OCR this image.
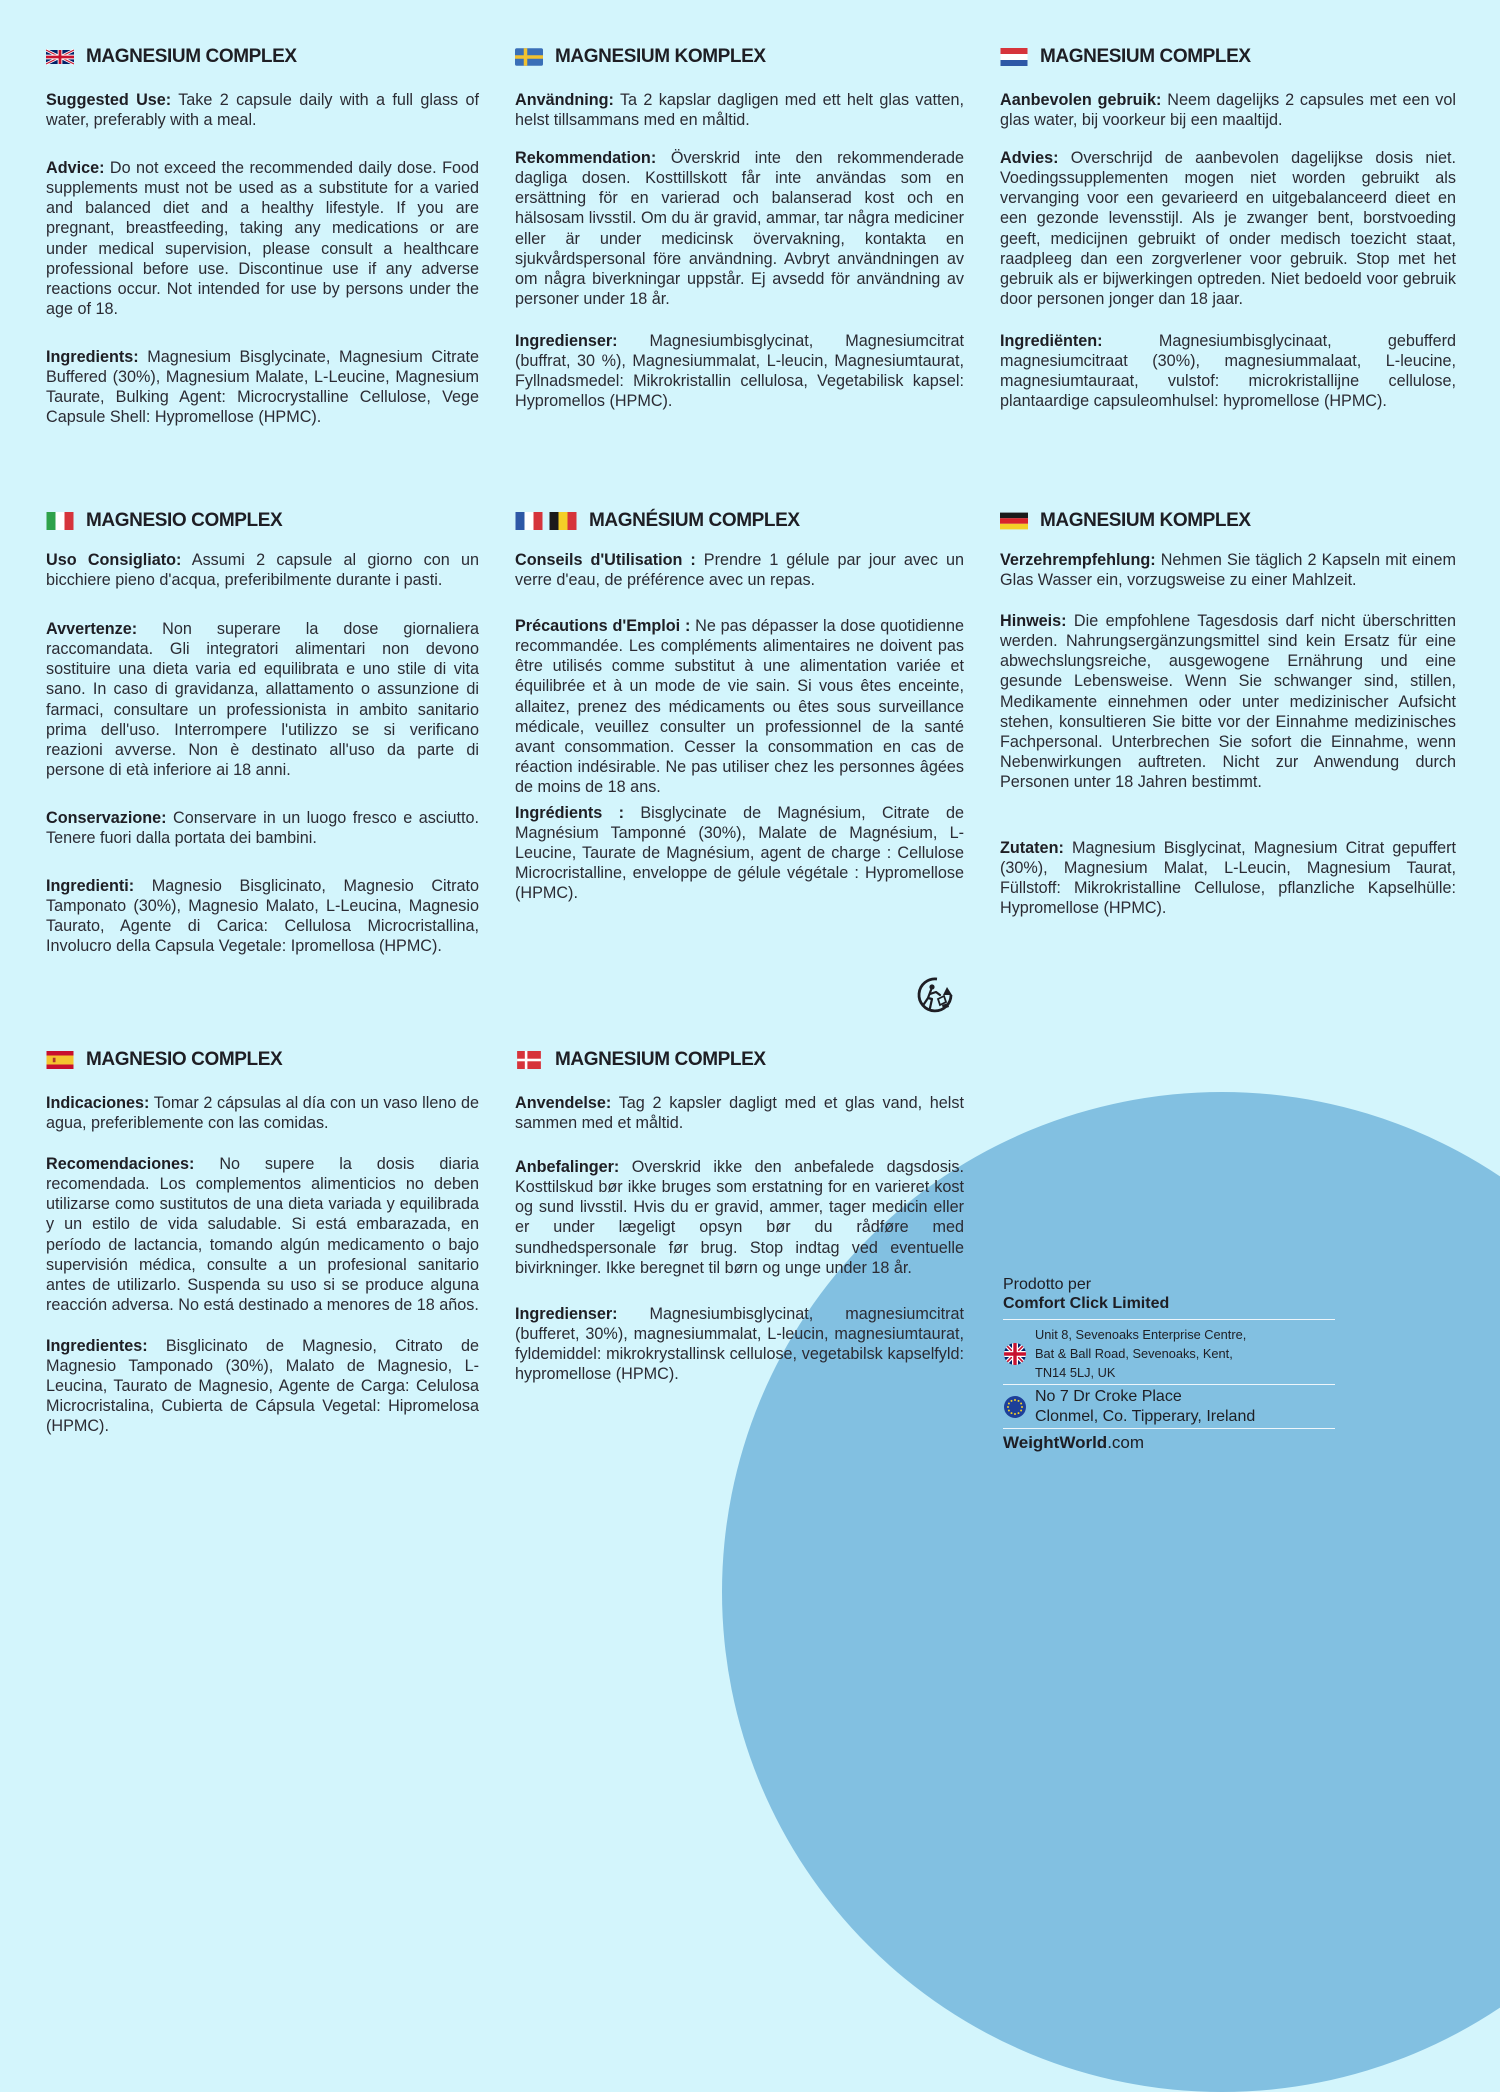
MAGNESIUM COMPLEX

Suggested Use: Take 2 capsule daily with a full glass of water, preferably with a meal.

Advice: Do not exceed the recommended daily dose. Food supplements must not be used as a substitute for a varied and balanced diet and a healthy lifestyle. If you are pregnant, breastfeeding, taking any medications or are under medical supervision, please consult a healthcare professional before use. Discontinue use if any adverse reactions occur. Not intended for use by persons under the age of 18.

Ingredients: Magnesium Bisglycinate, Magnesium Citrate Buffered (30%), Magnesium Malate, L-Leucine, Magnesium Taurate, Bulking Agent: Microcrystalline Cellulose, Vege Capsule Shell: Hypromellose (HPMC).

MAGNESIUM KOMPLEX

Användning: Ta 2 kapslar dagligen med ett helt glas vatten, helst tillsammans med en måltid.

Rekommendation: Överskrid inte den rekommenderade dagliga dosen. Kosttillskott får inte användas som en ersättning för en varierad och balanserad kost och en hälsosam livsstil. Om du är gravid, ammar, tar några mediciner eller är under medicinsk övervakning, kontakta en sjukvårdspersonal före användning. Avbryt användningen av om några biverkningar uppstår. Ej avsedd för användning av personer under 18 år.

Ingredienser: Magnesiumbisglycinat, Magnesiumcitrat (buffrat, 30 %), Magnesiummalat, L-leucin, Magnesiumtaurat, Fyllnadsmedel: Mikrokristallin cellulosa, Vegetabilisk kapsel: Hypromellos (HPMC).

MAGNESIUM COMPLEX

Aanbevolen gebruik: Neem dagelijks 2 capsules met een vol glas water, bij voorkeur bij een maaltijd.

Advies: Overschrijd de aanbevolen dagelijkse dosis niet. Voedingssupplementen mogen niet worden gebruikt als vervanging voor een gevarieerd en uitgebalanceerd dieet en een gezonde levensstijl. Als je zwanger bent, borstvoeding geeft, medicijnen gebruikt of onder medisch toezicht staat, raadpleeg dan een zorgverlener voor gebruik. Stop met het gebruik als er bijwerkingen optreden. Niet bedoeld voor gebruik door personen jonger dan 18 jaar.

Ingrediënten: Magnesiumbisglycinaat, gebufferd magnesiumcitraat (30%), magnesiummalaat, L-leucine, magnesiumtauraat, vulstof: microkristallijne cellulose, plantaardige capsuleomhulsel: hypromellose (HPMC).

MAGNESIO COMPLEX

Uso Consigliato: Assumi 2 capsule al giorno con un bicchiere pieno d'acqua, preferibilmente durante i pasti.

Avvertenze: Non superare la dose giornaliera raccomandata. Gli integratori alimentari non devono sostituire una dieta varia ed equilibrata e uno stile di vita sano. In caso di gravidanza, allattamento o assunzione di farmaci, consultare un professionista in ambito sanitario prima dell'uso. Interrompere l'utilizzo se si verificano reazioni avverse. Non è destinato all'uso da parte di persone di età inferiore ai 18 anni.

Conservazione: Conservare in un luogo fresco e asciutto. Tenere fuori dalla portata dei bambini.

Ingredienti: Magnesio Bisglicinato, Magnesio Citrato Tamponato (30%), Magnesio Malato, L-Leucina, Magnesio Taurato, Agente di Carica: Cellulosa Microcristallina, Involucro della Capsula Vegetale: Ipromellosa (HPMC).

MAGNÉSIUM COMPLEX

Conseils d'Utilisation : Prendre 1 gélule par jour avec un verre d'eau, de préférence avec un repas.

Précautions d'Emploi : Ne pas dépasser la dose quotidienne recommandée. Les compléments alimentaires ne doivent pas être utilisés comme substitut à une alimentation variée et équilibrée et à un mode de vie sain. Si vous êtes enceinte, allaitez, prenez des médicaments ou êtes sous surveillance médicale, veuillez consulter un professionnel de la santé avant consommation. Cesser la consommation en cas de réaction indésirable. Ne pas utiliser chez les personnes âgées de moins de 18 ans.

Ingrédients : Bisglycinate de Magnésium, Citrate de Magnésium Tamponné (30%), Malate de Magnésium, L-Leucine, Taurate de Magnésium, agent de charge : Cellulose Microcristalline, enveloppe de gélule végétale : Hypromellose (HPMC).

MAGNESIUM KOMPLEX

Verzehrempfehlung: Nehmen Sie täglich 2 Kapseln mit einem Glas Wasser ein, vorzugsweise zu einer Mahlzeit.

Hinweis: Die empfohlene Tagesdosis darf nicht überschritten werden. Nahrungsergänzungsmittel sind kein Ersatz für eine abwechslungsreiche, ausgewogene Ernährung und eine gesunde Lebensweise. Wenn Sie schwanger sind, stillen, Medikamente einnehmen oder unter medizinischer Aufsicht stehen, konsultieren Sie bitte vor der Einnahme medizinisches Fachpersonal. Unterbrechen Sie sofort die Einnahme, wenn Nebenwirkungen auftreten. Nicht zur Anwendung durch Personen unter 18 Jahren bestimmt.

Zutaten: Magnesium Bisglycinat, Magnesium Citrat gepuffert (30%), Magnesium Malat, L-Leucin, Magnesium Taurat, Füllstoff: Mikrokristalline Cellulose, pflanzliche Kapselhülle: Hypromellose (HPMC).

MAGNESIO COMPLEX

Indicaciones: Tomar 2 cápsulas al día con un vaso lleno de agua, preferiblemente con las comidas.

Recomendaciones: No supere la dosis diaria recomendada. Los complementos alimenticios no deben utilizarse como sustitutos de una dieta variada y equilibrada y un estilo de vida saludable. Si está embarazada, en período de lactancia, tomando algún medicamento o bajo supervisión médica, consulte a un profesional sanitario antes de utilizarlo. Suspenda su uso si se produce alguna reacción adversa. No está destinado a menores de 18 años.

Ingredientes: Bisglicinato de Magnesio, Citrato de Magnesio Tamponado (30%), Malato de Magnesio, L-Leucina, Taurato de Magnesio, Agente de Carga: Celulosa Microcristalina, Cubierta de Cápsula Vegetal: Hipromelosa (HPMC).

MAGNESIUM COMPLEX

Anvendelse: Tag 2 kapsler dagligt med et glas vand, helst sammen med et måltid.

Anbefalinger: Overskrid ikke den anbefalede dagsdosis. Kosttilskud bør ikke bruges som erstatning for en varieret kost og sund livsstil. Hvis du er gravid, ammer, tager medicin eller er under lægeligt opsyn bør du rådføre med sundhedspersonale før brug. Stop indtag ved eventuelle bivirkninger. Ikke beregnet til børn og unge under 18 år.

Ingredienser: Magnesiumbisglycinat, magnesiumcitrat (bufferet, 30%), magnesiummalat, L-leucin, magnesiumtaurat, fyldemiddel: mikrokrystallinsk cellulose, vegetabilsk kapselfyld: hypromellose (HPMC).

Prodotto per
Comfort Click Limited
Unit 8, Sevenoaks Enterprise Centre,
Bat & Ball Road, Sevenoaks, Kent,
TN14 5LJ, UK
No 7 Dr Croke Place
Clonmel, Co. Tipperary, Ireland
WeightWorld.com
